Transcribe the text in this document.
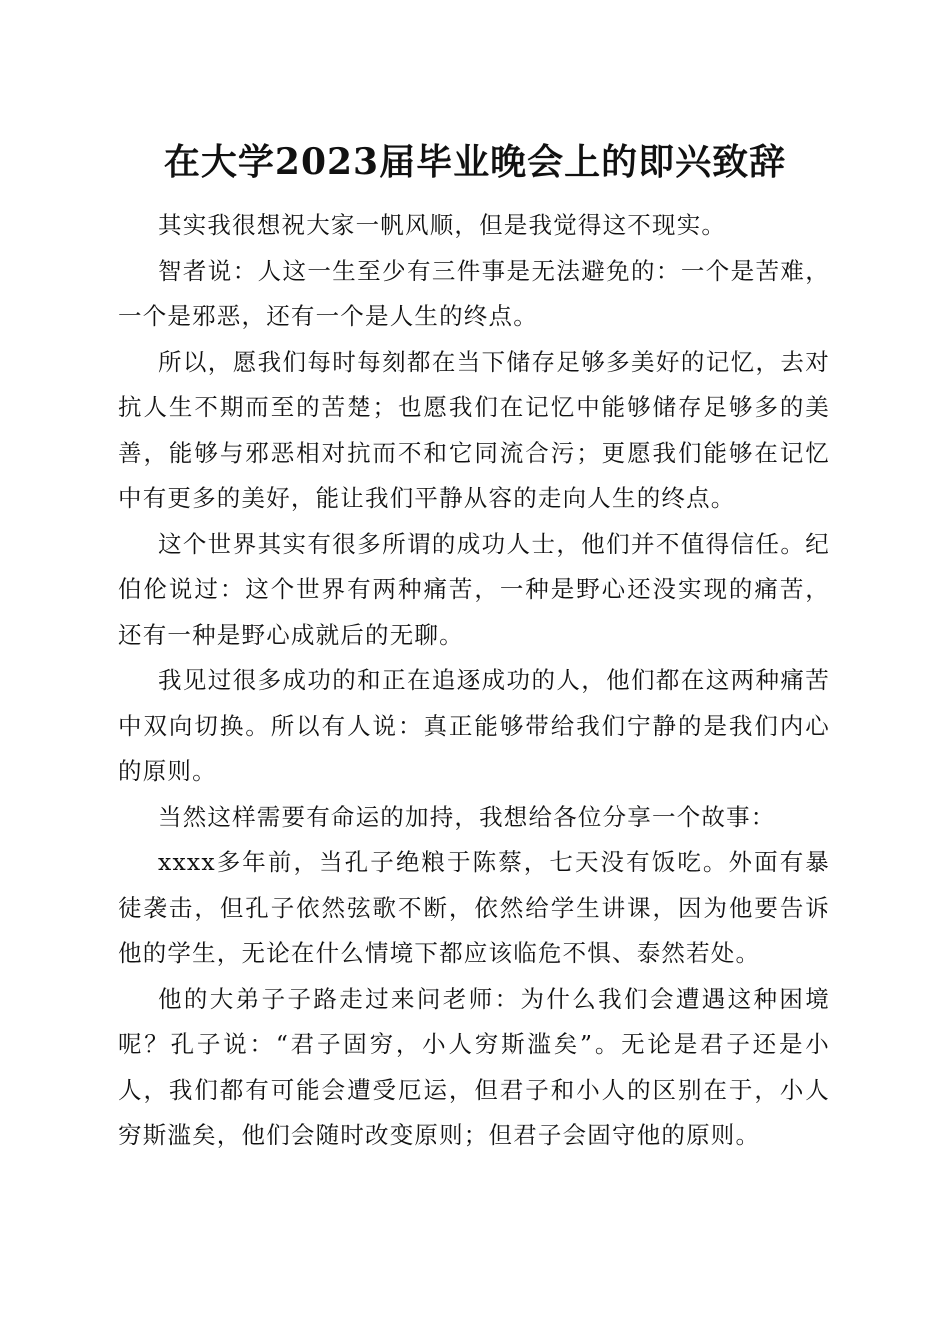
在大学2023届毕业晚会上的即兴致辞

其实我很想祝大家一帆风顺，但是我觉得这不现实。

智者说：人这一生至少有三件事是无法避免的：一个是苦难，一个是邪恶，还有一个是人生的终点。

所以，愿我们每时每刻都在当下储存足够多美好的记忆，去对抗人生不期而至的苦楚；也愿我们在记忆中能够储存足够多的美善，能够与邪恶相对抗而不和它同流合污；更愿我们能够在记忆中有更多的美好，能让我们平静从容的走向人生的终点。

这个世界其实有很多所谓的成功人士，他们并不值得信任。纪伯伦说过：这个世界有两种痛苦，一种是野心还没实现的痛苦，还有一种是野心成就后的无聊。

我见过很多成功的和正在追逐成功的人，他们都在这两种痛苦中双向切换。所以有人说：真正能够带给我们宁静的是我们内心的原则。

当然这样需要有命运的加持，我想给各位分享一个故事：

xxxx多年前，当孔子绝粮于陈蔡，七天没有饭吃。外面有暴徒袭击，但孔子依然弦歌不断，依然给学生讲课，因为他要告诉他的学生，无论在什么情境下都应该临危不惧、泰然若处。

他的大弟子子路走过来问老师：为什么我们会遭遇这种困境呢？孔子说：“君子固穷，小人穷斯滥矣”。无论是君子还是小人，我们都有可能会遭受厄运，但君子和小人的区别在于，小人穷斯滥矣，他们会随时改变原则；但君子会固守他的原则。
